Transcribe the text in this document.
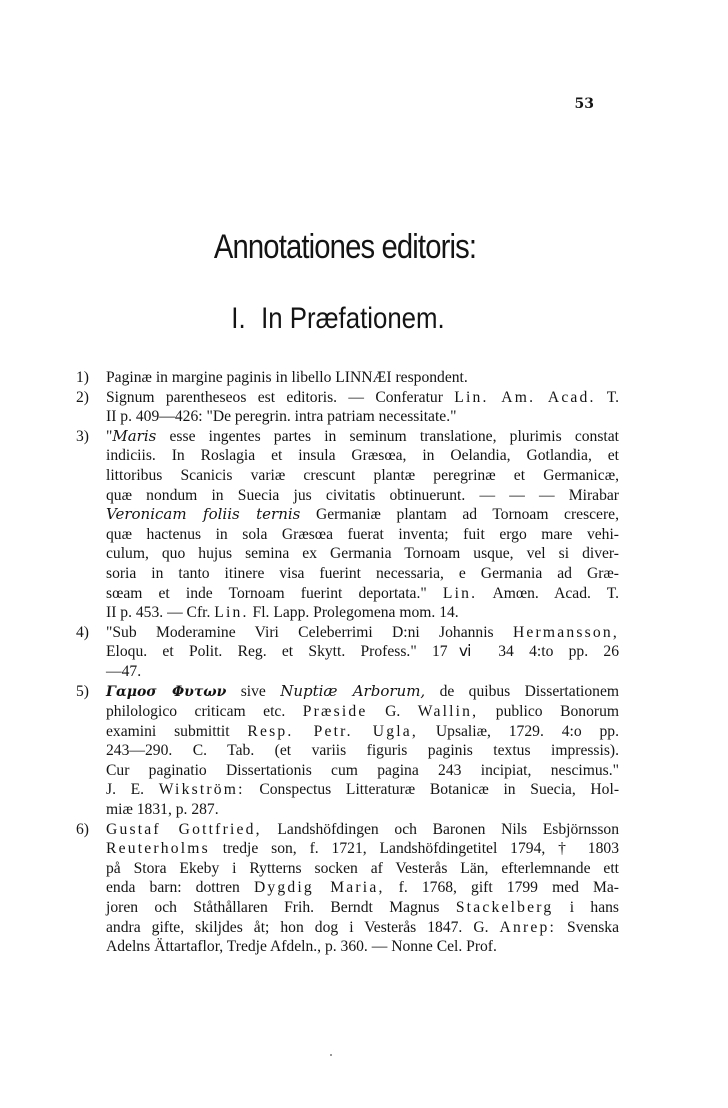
53
Annotationes editoris:
I. In Præfationem.
1) Paginæ in margine paginis in libello LINNÆI respondent.
2) Signum parentheseos est editoris. — Conferatur Lin. Am. Acad. T.
II p. 409—426: "De peregrin. intra patriam necessitate."
3) "Maris esse ingentes partes in seminum translatione, plurimis constat
indiciis. In Roslagia et insula Græsœa, in Oelandia, Gotlandia, et
littoribus Scanicis variæ crescunt plantæ peregrinæ et Germanicæ,
quæ nondum in Suecia jus civitatis obtinuerunt. — — — Mirabar
Veronicam foliis ternis Germaniæ plantam ad Tornoam crescere,
quæ hactenus in sola Græsœa fuerat inventa; fuit ergo mare vehi-
culum, quo hujus semina ex Germania Tornoam usque, vel si diver-
soria in tanto itinere visa fuerint necessaria, e Germania ad Græ-
sœam et inde Tornoam fuerint deportata." Lin. Amœn. Acad. T.
II p. 453. — Cfr. Lin. Fl. Lapp. Prolegomena mom. 14.
4) "Sub Moderamine Viri Celeberrimi D:ni Johannis Hermansson,
Eloqu. et Polit. Reg. et Skytt. Profess." 17ⅵ 34 4:to pp. 26
—47.
5) Γαμοσ Φυτων sive Nuptiæ Arborum, de quibus Dissertationem
philologico criticam etc. Præside G. Wallin, publico Bonorum
examini submittit Resp. Petr. Ugla, Upsaliæ, 1729. 4:o pp.
243—290. C. Tab. (et variis figuris paginis textus impressis).
Cur paginatio Dissertationis cum pagina 243 incipiat, nescimus."
J. E. Wikström: Conspectus Litteraturæ Botanicæ in Suecia, Hol-
miæ 1831, p. 287.
6) Gustaf Gottfried, Landshöfdingen och Baronen Nils Esbjörnsson
Reuterholms tredje son, f. 1721, Landshöfdingetitel 1794, † 1803
på Stora Ekeby i Rytterns socken af Vesterås Län, efterlemnande ett
enda barn: dottren Dygdig Maria, f. 1768, gift 1799 med Ma-
joren och Ståthållaren Frih. Berndt Magnus Stackelberg i hans
andra gifte, skiljdes åt; hon dog i Vesterås 1847. G. Anrep: Svenska
Adelns Ättartaflor, Tredje Afdeln., p. 360. — Nonne Cel. Prof.
